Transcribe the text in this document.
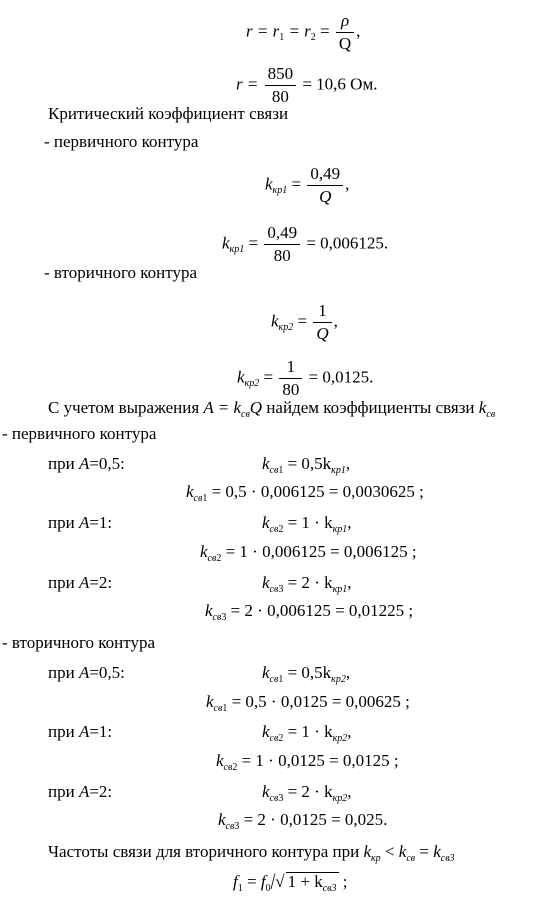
$r = r_1 = r_2 = \frac{\rho}{Q}$ ,
$r = \frac{850}{80} = 10,6$ Ом.
Критический коэффициент связи
- первичного контура
$k_{кр1} = \frac{0,49}{Q}$ ,
$k_{кр1} = \frac{0,49}{80} = 0,006125$.
- вторичного контура
$k_{кр2} = \frac{1}{Q}$ ,
$k_{кр2} = \frac{1}{80} = 0,0125$.
С учетом выражения $A = k_{св}Q$ найдем коэффициенты связи $k_{св}$
- первичного контура
при A=0,5:	$k_{св1} = 0,5k_{кр1}$,
$k_{св1} = 0,5 \cdot 0,006125 = 0,0030625$ ;
при A=1:	$k_{св2} = 1 \cdot k_{кр1}$,
$k_{св2} = 1 \cdot 0,006125 = 0,006125$ ;
при A=2:	$k_{св3} = 2 \cdot k_{кр1}$,
$k_{св3} = 2 \cdot 0,006125 = 0,01225$ ;
- вторичного контура
при A=0,5:	$k_{св1} = 0,5k_{кр2}$,
$k_{св1} = 0,5 \cdot 0,0125 = 0,00625$ ;
при A=1:	$k_{св2} = 1 \cdot k_{кр2}$,
$k_{св2} = 1 \cdot 0,0125 = 0,0125$ ;
при A=2:	$k_{св3} = 2 \cdot k_{кр2}$,
$k_{св3} = 2 \cdot 0,0125 = 0,025$.
Частоты связи для вторичного контура при $k_{кр} < k_{св} = k_{св3}$
$f_1 = f_0/√$ $1 + k_{св3}$ ;
